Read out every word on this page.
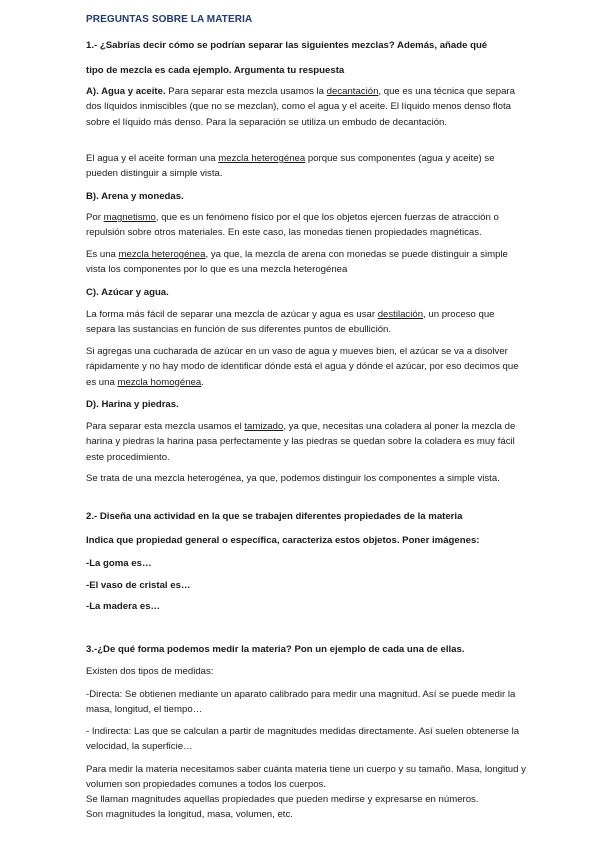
PREGUNTAS SOBRE LA MATERIA
1.- ¿Sabrías decir cómo se podrían separar las siguientes mezclas? Además, añade qué
tipo de mezcla es cada ejemplo. Argumenta tu respuesta
A). Agua y aceite. Para separar esta mezcla usamos la decantación, que es una técnica que separa dos líquidos inmiscibles (que no se mezclan), como el agua y el aceite. El líquido menos denso flota sobre el líquido más denso. Para la separación se utiliza un embudo de decantación.
El agua y el aceite forman una mezcla heterogénea porque sus componentes (agua y aceite) se pueden distinguir a simple vista.
B). Arena y monedas.
Por magnetismo, que es un fenómeno físico por el que los objetos ejercen fuerzas de atracción o repulsión sobre otros materiales. En este caso, las monedas tienen propiedades magnéticas.
Es una mezcla heterogénea, ya que, la mezcla de arena con monedas se puede distinguir a simple vista los componentes por lo que es una mezcla heterogénea
C). Azúcar y agua.
La forma más fácil de separar una mezcla de azúcar y agua es usar destilación, un proceso que separa las sustancias en función de sus diferentes puntos de ebullición.
Si agregas una cucharada de azúcar en un vaso de agua y mueves bien, el azúcar se va a disolver rápidamente y no hay modo de identificar dónde está el agua y dónde el azúcar, por eso decimos que es una mezcla homogénea.
D). Harina y piedras.
Para separar esta mezcla usamos el tamizado, ya que, necesitas una coladera al poner la mezcla de harina y piedras la harina pasa perfectamente y las piedras se quedan sobre la coladera es muy fácil este procedimiento.
Se trata de una mezcla heterogénea, ya que, podemos distinguir los componentes a simple vista.
2.- Diseña una actividad en la que se trabajen diferentes propiedades de la materia
Indica que propiedad general o específica, caracteriza estos objetos. Poner imágenes:
-La goma es…
-El vaso de cristal es…
-La madera es…
3.-¿De qué forma podemos medir la materia? Pon un ejemplo de cada una de ellas.
Existen dos tipos de medidas:
-Directa: Se obtienen mediante un aparato calibrado para medir una magnitud. Así se puede medir la masa, longitud, el tiempo…
- Indirecta: Las que se calculan a partir de magnitudes medidas directamente. Así suelen obtenerse la velocidad, la superficie…
Para medir la materia necesitamos saber cuánta materia tiene un cuerpo y su tamaño. Masa, longitud y volumen son propiedades comunes a todos los cuerpos.
Se llaman magnitudes aquellas propiedades que pueden medirse y expresarse en números.
Son magnitudes la longitud, masa, volumen, etc.
